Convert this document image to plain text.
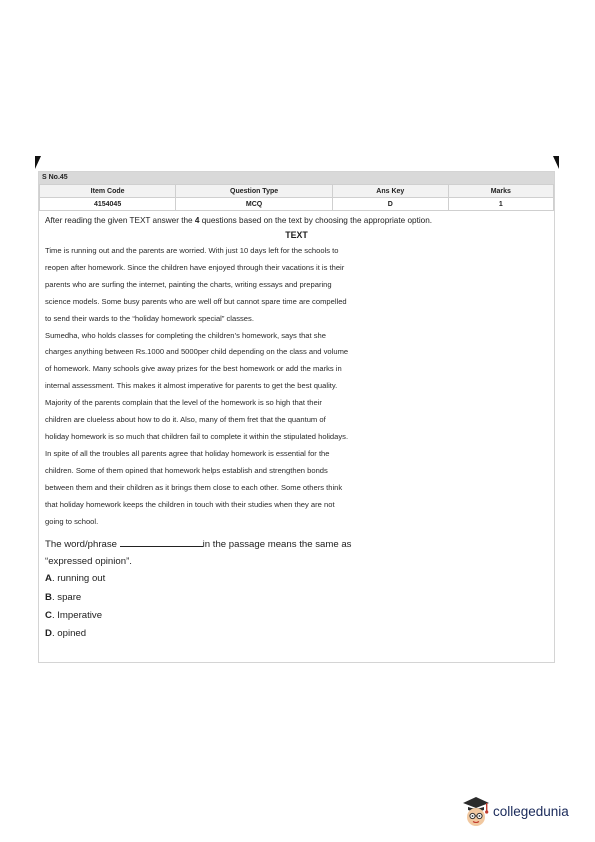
S No.45
Item Code	Question Type	Ans Key	Marks
4154045	MCQ	D	1
After reading the given TEXT answer the 4 questions based on the text by choosing the appropriate option.
TEXT

Time is running out and the parents are worried. With just 10 days left for the schools to

reopen after homework. Since the children have enjoyed through their vacations it is their

parents who are surfing the internet, painting the charts, writing essays and preparing

science models. Some busy parents who are well off but cannot spare time are compelled

to send their wards to the “holiday homework special” classes.

Sumedha, who holds classes for completing the children’s homework, says that she

charges anything between Rs.1000 and 5000per child depending on the class and volume

of homework. Many schools give away prizes for the best homework or add the marks in

internal assessment. This makes it almost imperative for parents to get the best quality.

Majority of the parents complain that the level of the homework is so high that their

children are clueless about how to do it. Also, many of them fret that the quantum of

holiday homework is so much that children fail to complete it within the stipulated holidays.

In spite of all the troubles all parents agree that holiday homework is essential for the

children. Some of them opined that homework helps establish and strengthen bonds

between them and their children as it brings them close to each other. Some others think

that holiday homework keeps the children in touch with their studies when they are not

going to school.

The word/phrase	in the passage means the same as
“expressed opinion”.
A. running out
B. spare
C. Imperative
D. opined
collegedunia
